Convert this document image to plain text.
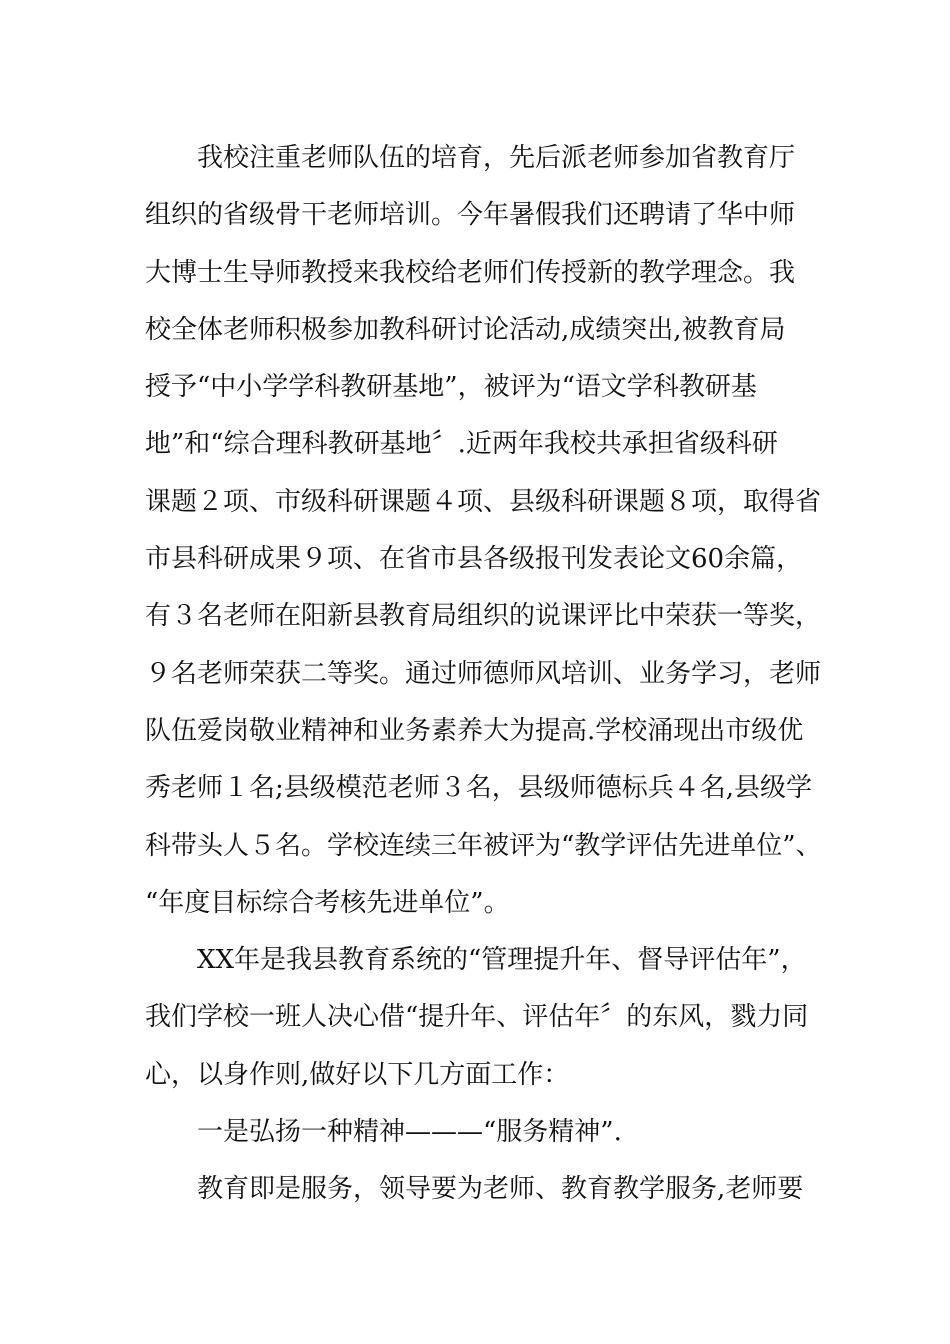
我校注重老师队伍的培育，先后派老师参加省教育厅
组织的省级骨干老师培训。今年暑假我们还聘请了华中师
大博士生导师教授来我校给老师们传授新的教学理念。我
校全体老师积极参加教科研讨论活动,成绩突出,被教育局
授予“中小学学科教研基地”，被评为“语文学科教研基
地”和“综合理科教研基地〞.近两年我校共承担省级科研
课题２项、市级科研课题４项、县级科研课题８项，取得省
市县科研成果９项、在省市县各级报刊发表论文60余篇，
有３名老师在阳新县教育局组织的说课评比中荣获一等奖，
９名老师荣获二等奖。通过师德师风培训、业务学习，老师
队伍爱岗敬业精神和业务素养大为提高.学校涌现出市级优
秀老师１名;县级模范老师３名，县级师德标兵４名,县级学
科带头人５名。学校连续三年被评为“教学评估先进单位”、
“年度目标综合考核先进单位”。
XX年是我县教育系统的“管理提升年、督导评估年”，
我们学校一班人决心借“提升年、评估年〞的东风，戮力同
心，以身作则,做好以下几方面工作：
一是弘扬一种精神———“服务精神”.
教育即是服务，领导要为老师、教育教学服务,老师要
